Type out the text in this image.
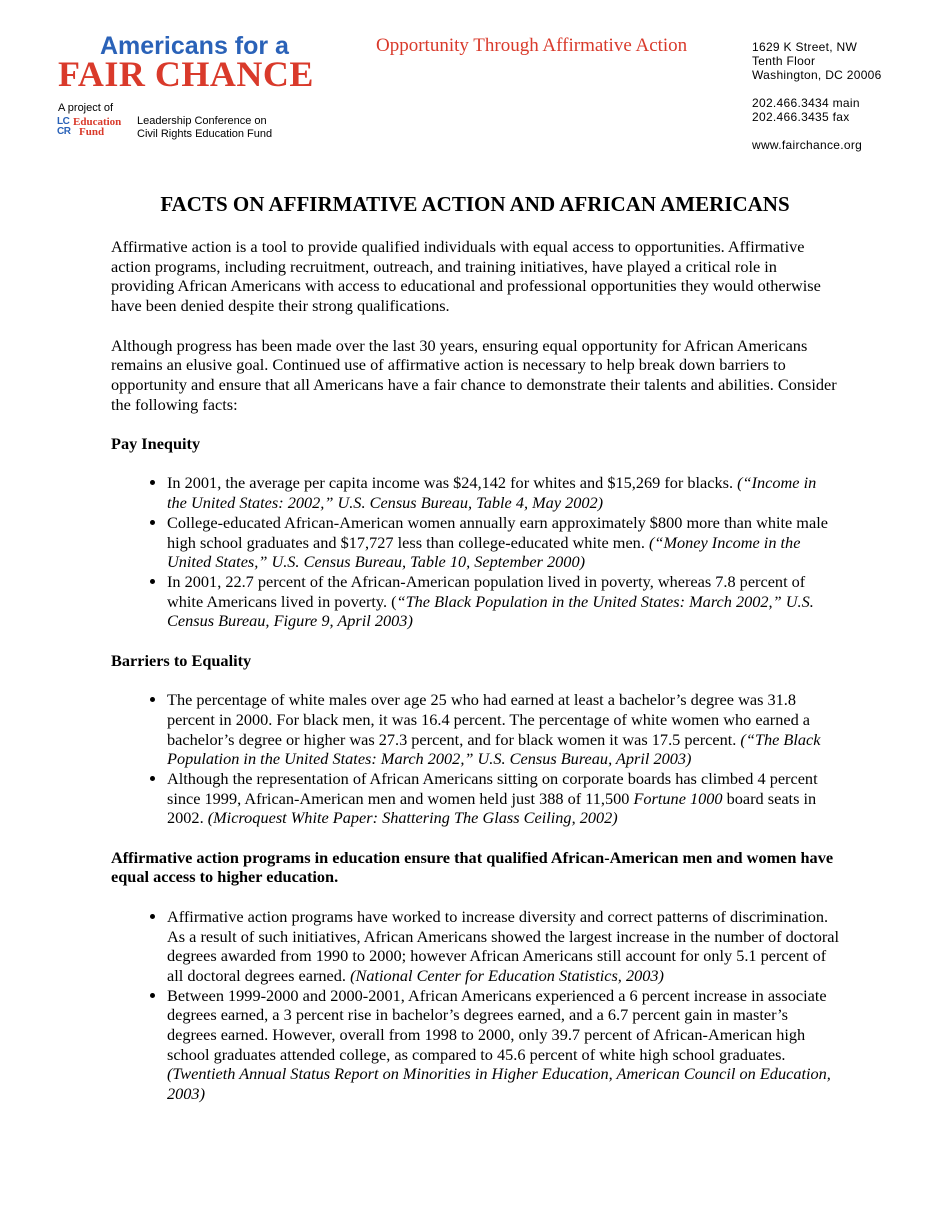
Americans for a
FAIR CHANCE
Opportunity Through Affirmative Action
A project of
LC
CR
Education
Fund
Leadership Conference on
Civil Rights Education Fund
1629 K Street, NW
Tenth Floor
Washington, DC 20006
202.466.3434 main
202.466.3435 fax
www.fairchance.org
FACTS ON AFFIRMATIVE ACTION AND AFRICAN AMERICANS

Affirmative action is a tool to provide qualified individuals with equal access to opportunities. Affirmative action programs, including recruitment, outreach, and training initiatives, have played a critical role in providing African Americans with access to educational and professional opportunities they would otherwise have been denied despite their strong qualifications.

Although progress has been made over the last 30 years, ensuring equal opportunity for African Americans remains an elusive goal. Continued use of affirmative action is necessary to help break down barriers to opportunity and ensure that all Americans have a fair chance to demonstrate their talents and abilities. Consider the following facts:

Pay Inequity
• In 2001, the average per capita income was $24,142 for whites and $15,269 for blacks. (“Income in the United States: 2002,” U.S. Census Bureau, Table 4, May 2002)
• College-educated African-American women annually earn approximately $800 more than white male high school graduates and $17,727 less than college-educated white men. (“Money Income in the United States,” U.S. Census Bureau, Table 10, September 2000)
• In 2001, 22.7 percent of the African-American population lived in poverty, whereas 7.8 percent of white Americans lived in poverty. (“The Black Population in the United States: March 2002,” U.S. Census Bureau, Figure 9, April 2003)
Barriers to Equality
• The percentage of white males over age 25 who had earned at least a bachelor’s degree was 31.8 percent in 2000. For black men, it was 16.4 percent. The percentage of white women who earned a bachelor’s degree or higher was 27.3 percent, and for black women it was 17.5 percent. (“The Black Population in the United States: March 2002,” U.S. Census Bureau, April 2003)
• Although the representation of African Americans sitting on corporate boards has climbed 4 percent since 1999, African-American men and women held just 388 of 11,500 Fortune 1000 board seats in 2002. (Microquest White Paper: Shattering The Glass Ceiling, 2002)
Affirmative action programs in education ensure that qualified African-American men and women have equal access to higher education.
• Affirmative action programs have worked to increase diversity and correct patterns of discrimination. As a result of such initiatives, African Americans showed the largest increase in the number of doctoral degrees awarded from 1990 to 2000; however African Americans still account for only 5.1 percent of all doctoral degrees earned. (National Center for Education Statistics, 2003)
• Between 1999-2000 and 2000-2001, African Americans experienced a 6 percent increase in associate degrees earned, a 3 percent rise in bachelor’s degrees earned, and a 6.7 percent gain in master’s degrees earned. However, overall from 1998 to 2000, only 39.7 percent of African-American high school graduates attended college, as compared to 45.6 percent of white high school graduates. (Twentieth Annual Status Report on Minorities in Higher Education, American Council on Education, 2003)
